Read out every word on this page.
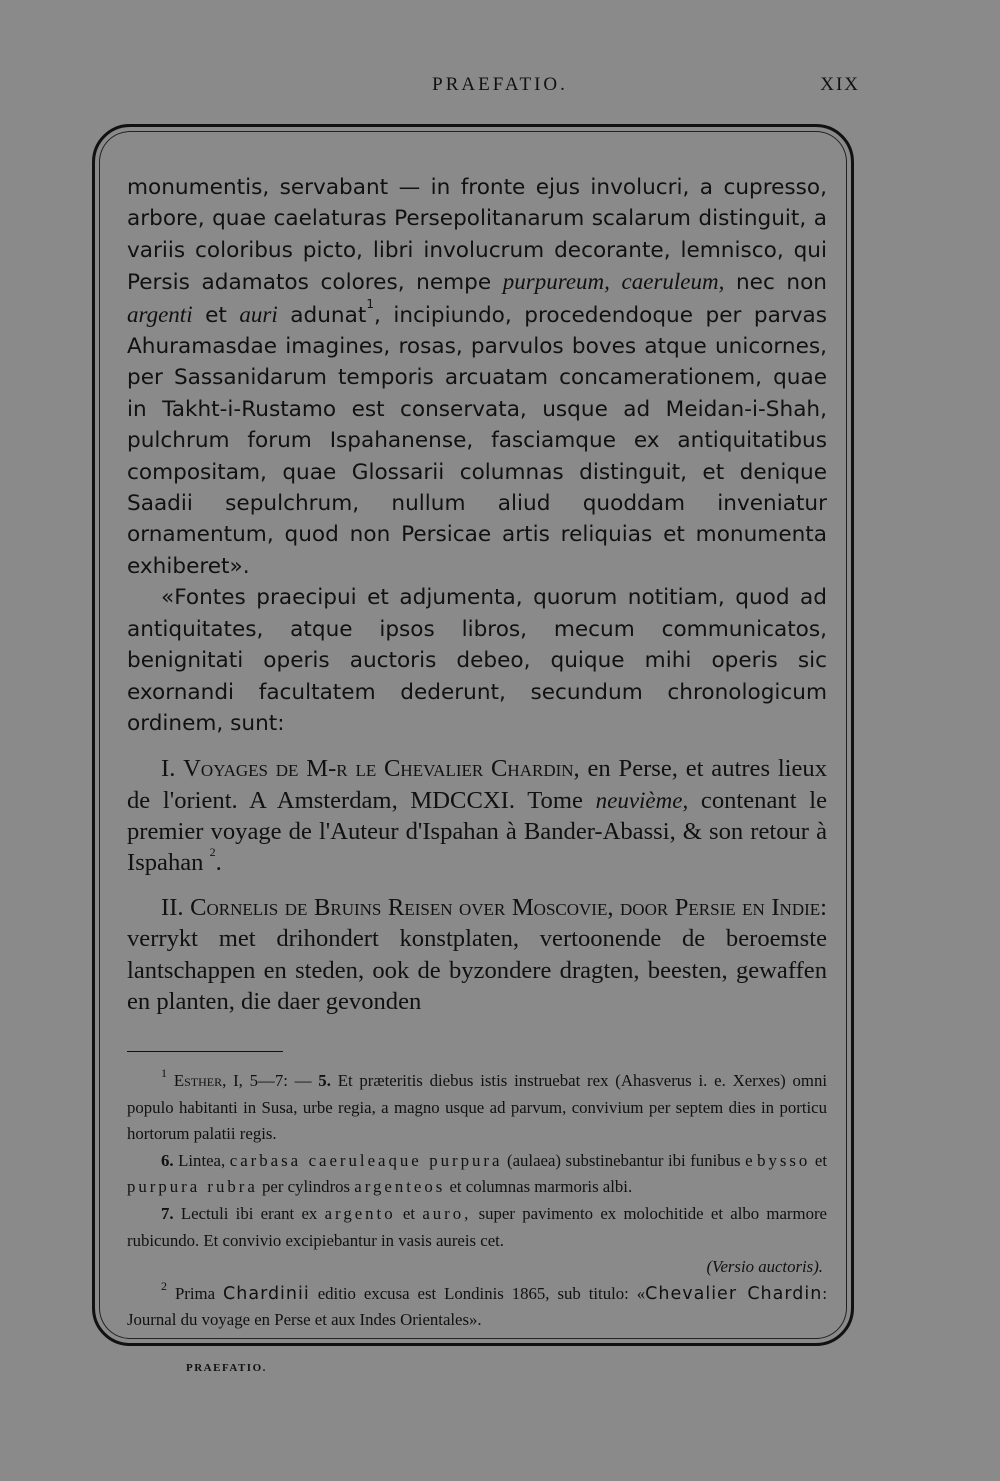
PRAEFATIO.	XIX

monumentis, servabant — in fronte ejus involucri, a cupresso, arbore, quae caelaturas Persepolitanarum scalarum distinguit, a variis coloribus picto, libri involucrum decorante, lemnisco, qui Persis adamatos colores, nempe purpureum, caeruleum, nec non argenti et auri adunat$^1$, incipiundo, procedendoque per parvas Ahuramasdae imagines, rosas, parvulos boves atque unicornes, per Sassanidarum temporis arcuatam concamerationem, quae in Takht-i-Rustamo est conservata, usque ad Meidan-i-Shah, pulchrum forum Ispahanense, fasciamque ex antiquitatibus compositam, quae Glossarii columnas distinguit, et denique Saadii sepulchrum, nullum aliud quoddam inveniatur ornamentum, quod non Persicae artis reliquias et monumenta exhiberet».

«Fontes praecipui et adjumenta, quorum notitiam, quod ad antiquitates, atque ipsos libros, mecum communicatos, benignitati operis auctoris debeo, quique mihi operis sic exornandi facultatem dederunt, secundum chronologicum ordinem, sunt:

I. Voyages de M-r le Chevalier Chardin, en Perse, et autres lieux de l'orient. A Amsterdam, MDCCXI. Tome neuvième, contenant le premier voyage de l'Auteur d'Ispahan à Bander-Abassi, & son retour à Ispahan $^2$.

II. Cornelis de Bruins Reisen over Moscovie, door Persie en Indie: verrykt met drihondert konstplaten, vertoonende de beroemste lantschappen en steden, ook de byzondere dragten, beesten, gewaffen en planten, die daer gevonden

$^1$ Esther, I, 5—7: — 5. Et præteritis diebus istis instruebat rex (Ahasverus i. e. Xerxes) omni populo habitanti in Susa, urbe regia, a magno usque ad parvum, convivium per septem dies in porticu hortorum palatii regis.

6. Lintea, carbasa caeruleaque purpura (aulaea) substinebantur ibi funibus e bysso et purpura rubra per cylindros argenteos et columnas marmoris albi.

7. Lectuli ibi erant ex argento et auro, super pavimento ex molochitide et albo marmore rubicundo. Et convivio excipiebantur in vasis aureis cet.

(Versio auctoris).

$^2$ Prima Chardinii editio excusa est Londinis 1865, sub titulo: «Chevalier Chardin: Journal du voyage en Perse et aux Indes Orientales».

PRAEFATIO.
